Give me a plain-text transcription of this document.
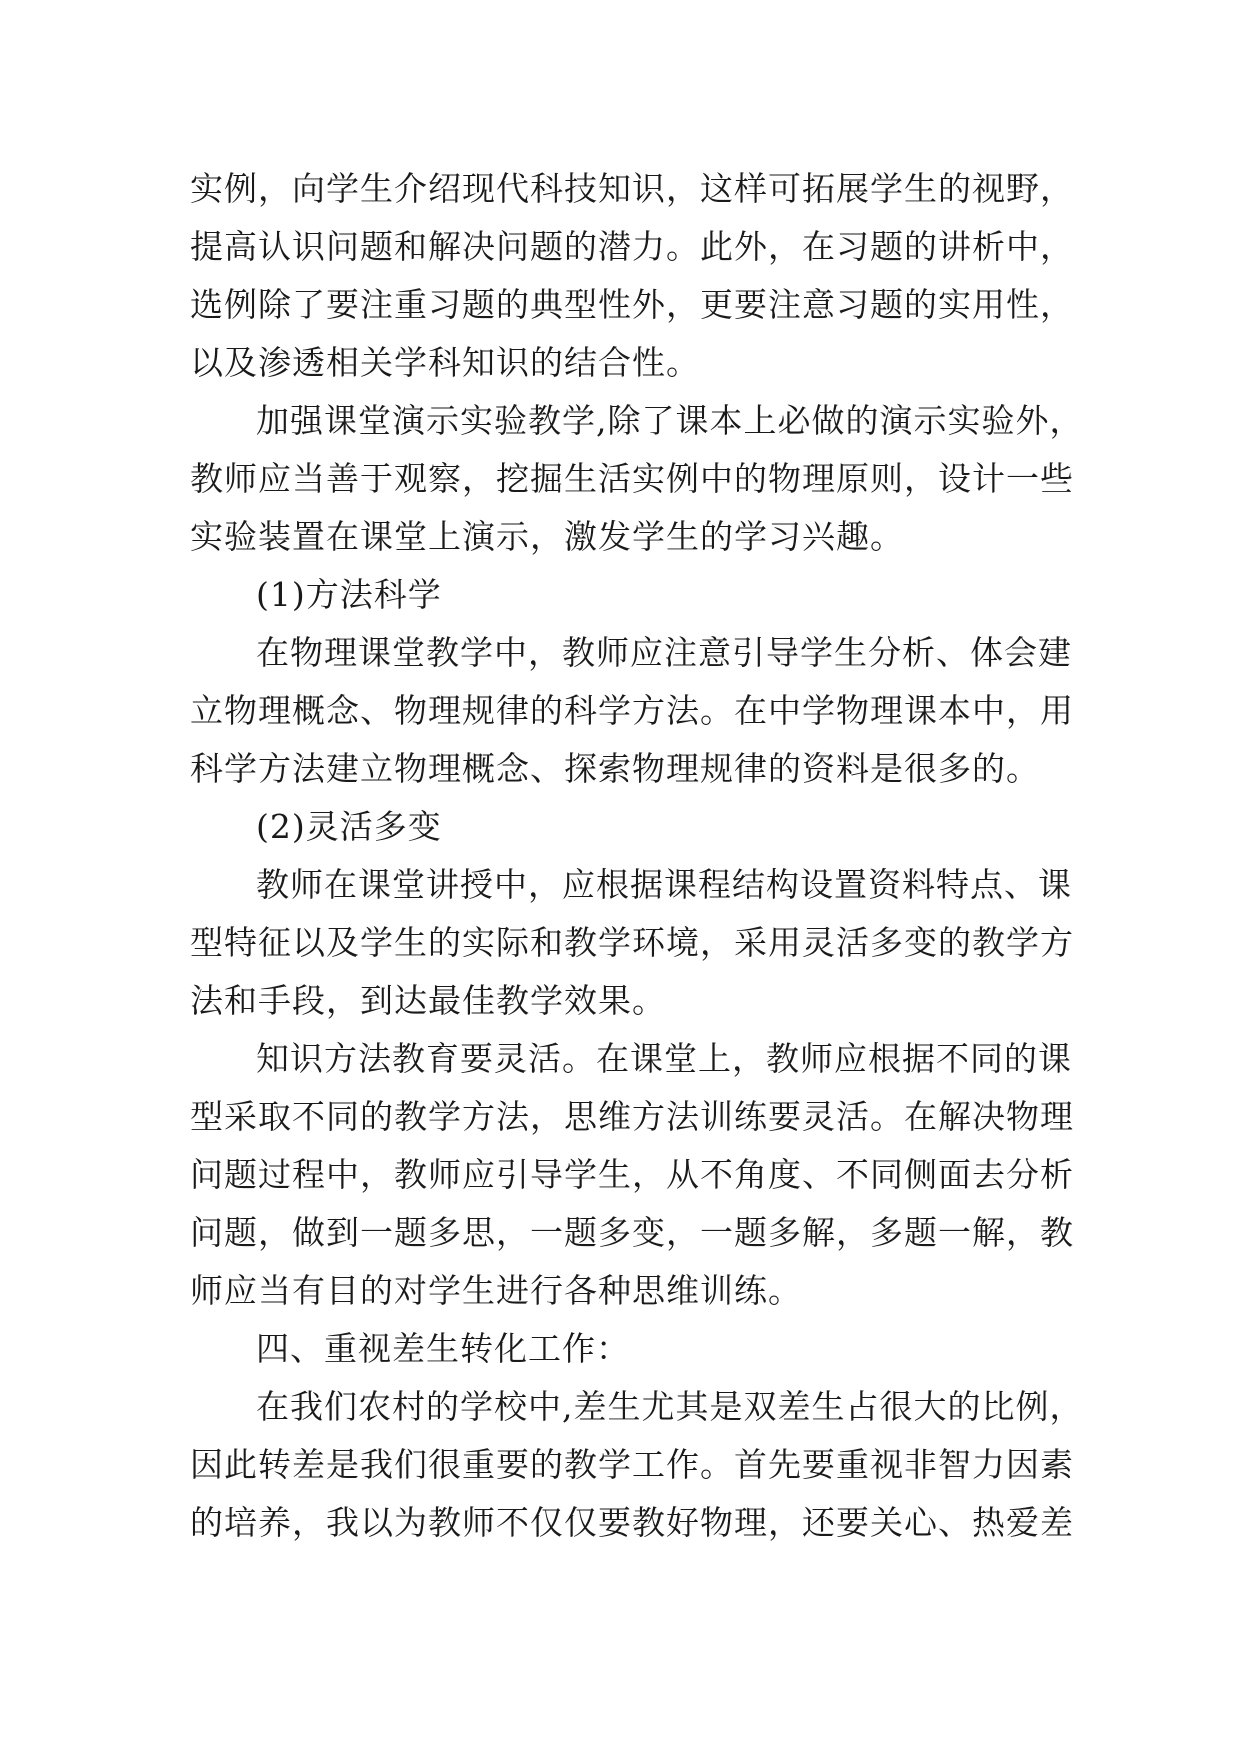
实例，向学生介绍现代科技知识，这样可拓展学生的视野，
提高认识问题和解决问题的潜力。此外，在习题的讲析中，
选例除了要注重习题的典型性外，更要注意习题的实用性，
以及渗透相关学科知识的结合性。
加强课堂演示实验教学,除了课本上必做的演示实验外，
教师应当善于观察，挖掘生活实例中的物理原则，设计一些
实验装置在课堂上演示，激发学生的学习兴趣。
(1)方法科学
在物理课堂教学中，教师应注意引导学生分析、体会建
立物理概念、物理规律的科学方法。在中学物理课本中，用
科学方法建立物理概念、探索物理规律的资料是很多的。
(2)灵活多变
教师在课堂讲授中，应根据课程结构设置资料特点、课
型特征以及学生的实际和教学环境，采用灵活多变的教学方
法和手段，到达最佳教学效果。
知识方法教育要灵活。在课堂上，教师应根据不同的课
型采取不同的教学方法，思维方法训练要灵活。在解决物理
问题过程中，教师应引导学生，从不角度、不同侧面去分析
问题，做到一题多思，一题多变，一题多解，多题一解，教
师应当有目的对学生进行各种思维训练。
四、重视差生转化工作：
在我们农村的学校中,差生尤其是双差生占很大的比例，
因此转差是我们很重要的教学工作。首先要重视非智力因素
的培养，我以为教师不仅仅要教好物理，还要关心、热爱差
